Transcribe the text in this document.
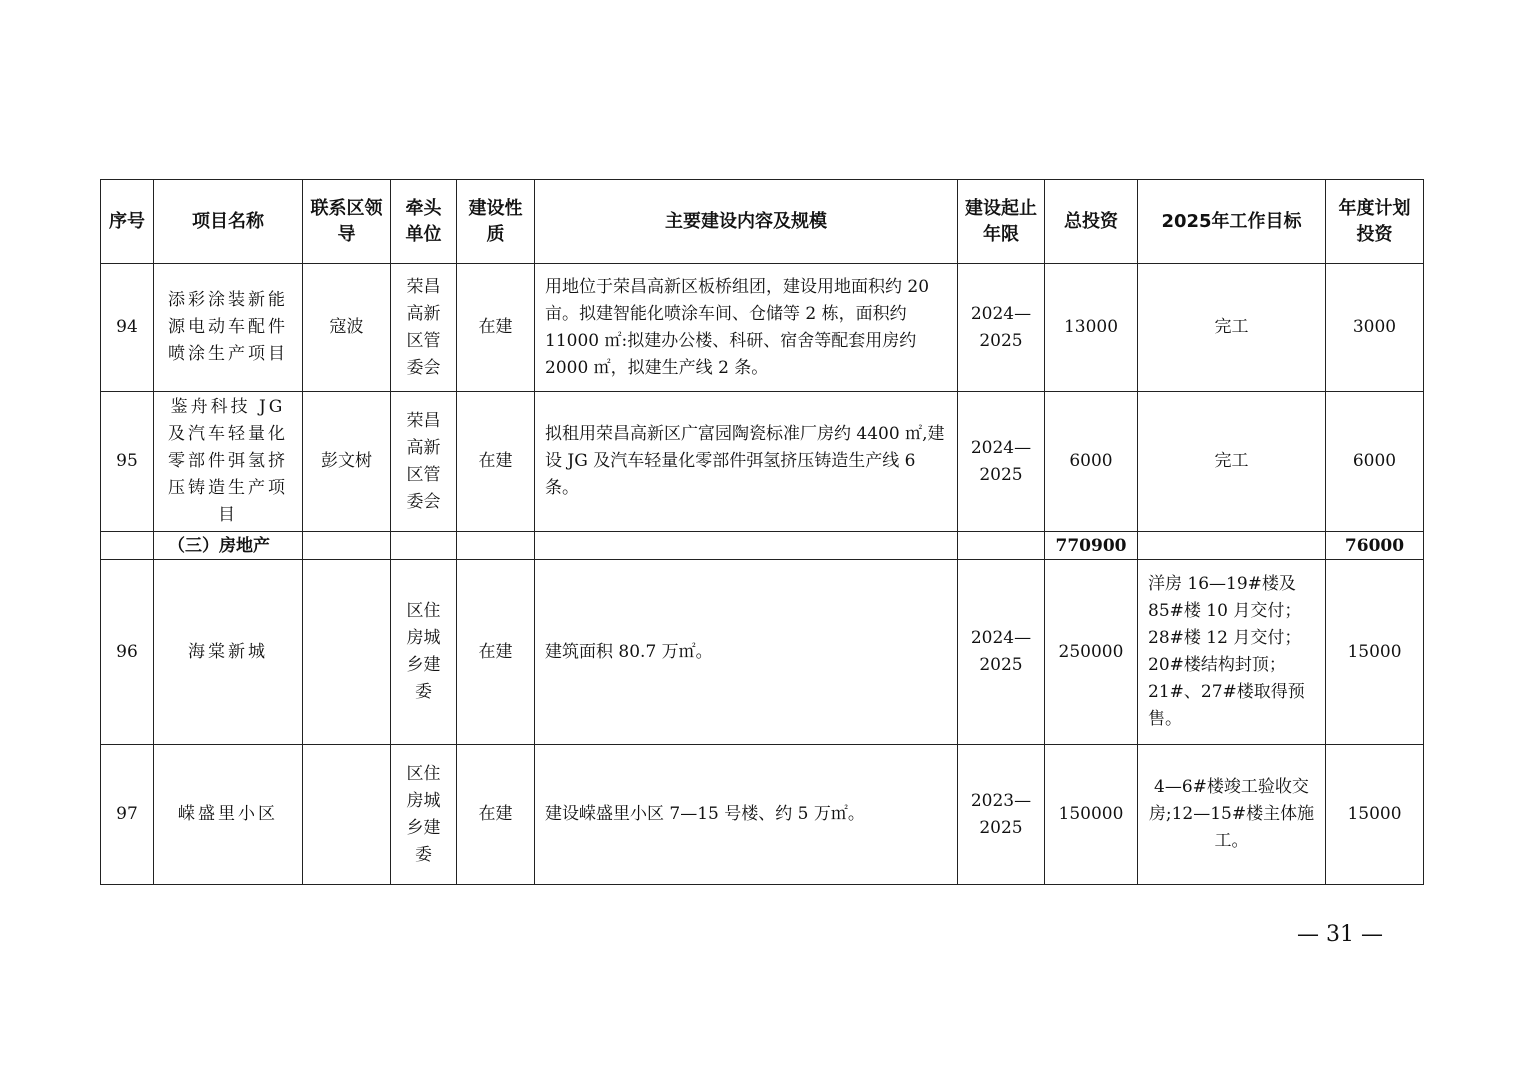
序号	项目名称	联系区领导	牵头单位	建设性质	主要建设内容及规模	建设起止年限	总投资	2025年工作目标	年度计划投资
94	添彩涂装新能源电动车配件喷涂生产项目	寇波	荣昌高新区管委会	在建	用地位于荣昌高新区板桥组团，建设用地面积约 20 亩。拟建智能化喷涂车间、仓储等 2 栋，面积约 11000 ㎡:拟建办公楼、科研、宿舍等配套用房约 2000 ㎡，拟建生产线 2 条。	2024—2025	13000	完工	3000
95	鉴舟科技 JG 及汽车轻量化零部件弭氢挤压铸造生产项目	彭文树	荣昌高新区管委会	在建	拟租用荣昌高新区广富园陶瓷标准厂房约 4400 ㎡,建设 JG 及汽车轻量化零部件弭氢挤压铸造生产线 6 条。	2024—2025	6000	完工	6000
	（三）房地产						770900		76000
96	海棠新城		区住房城乡建委	在建	建筑面积 80.7 万㎡。	2024—2025	250000	洋房 16—19#楼及 85#楼 10 月交付；28#楼 12 月交付；20#楼结构封顶；21#、27#楼取得预售。	15000
97	嵘盛里小区		区住房城乡建委	在建	建设嵘盛里小区 7—15 号楼、约 5 万㎡。	2023—2025	150000	4—6#楼竣工验收交房;12—15#楼主体施工。	15000
— 31 —
